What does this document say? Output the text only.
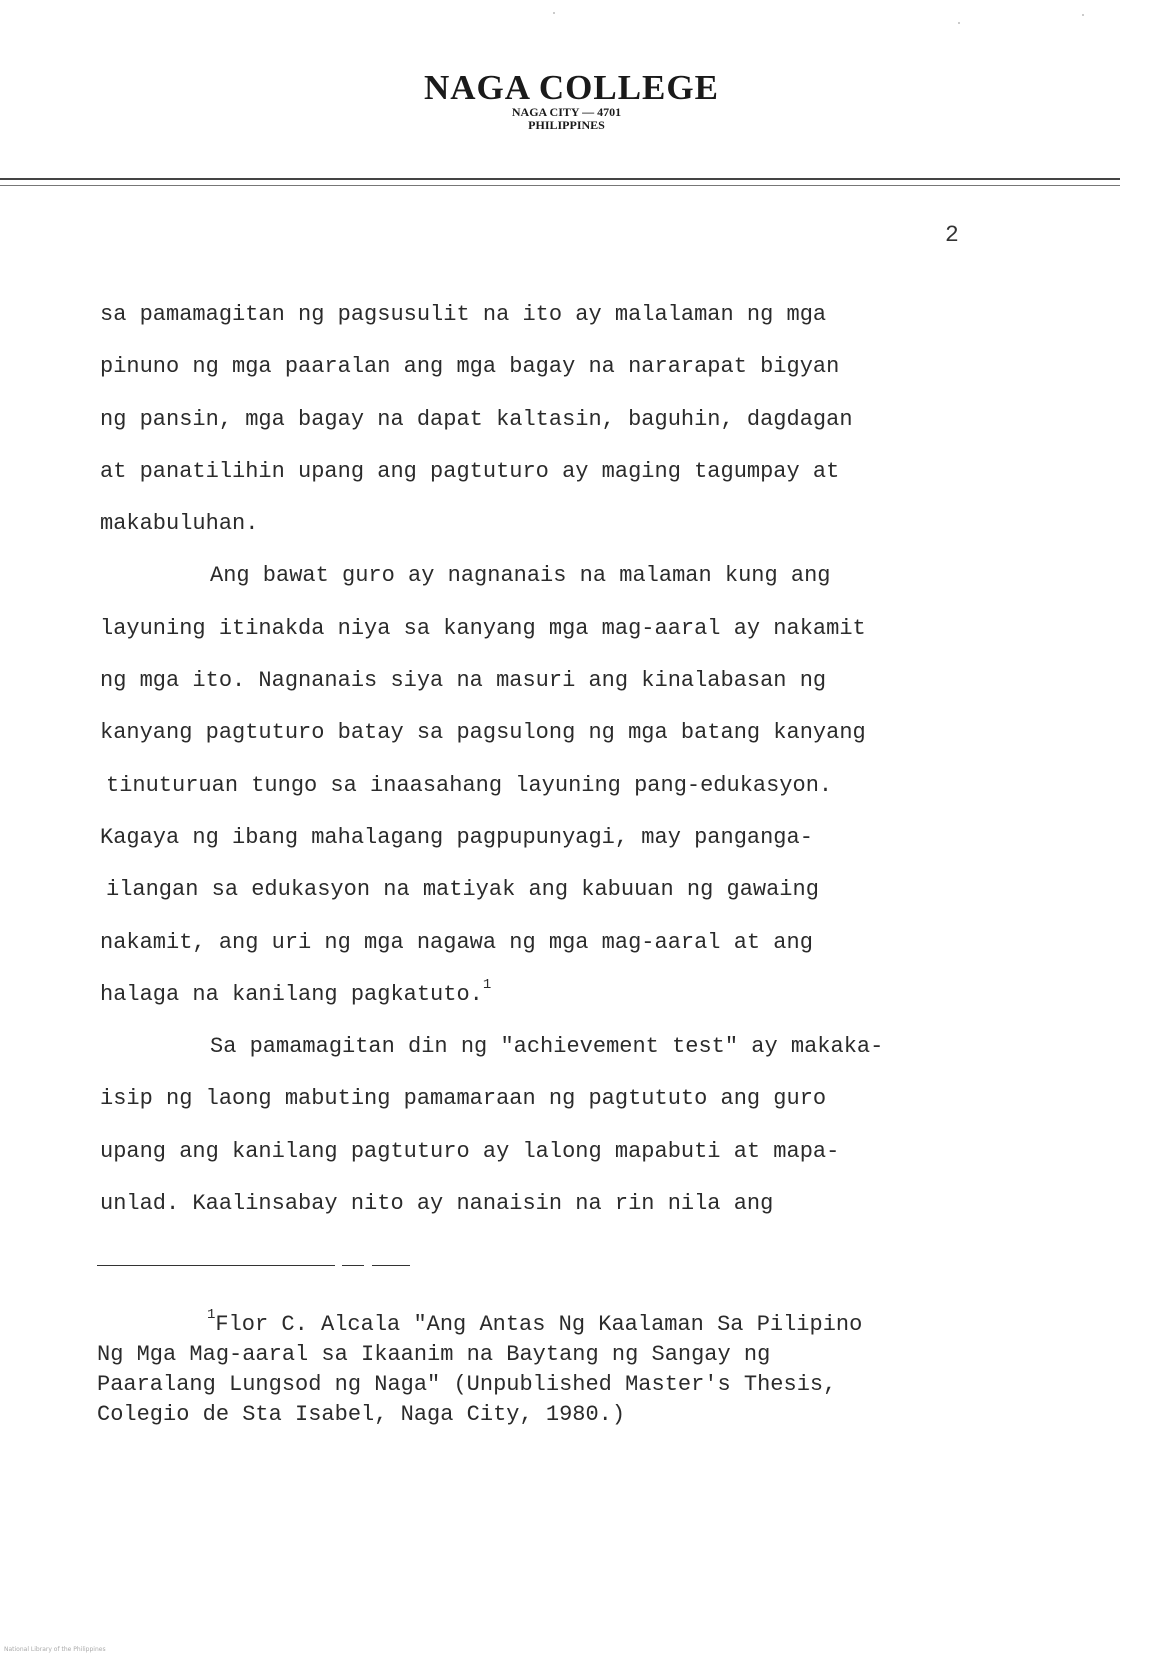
NAGA COLLEGE
NAGA CITY — 4701
PHILIPPINES
2
sa pamamagitan ng pagsusulit na ito ay malalaman ng mga
pinuno ng mga paaralan ang mga bagay na nararapat bigyan
ng pansin, mga bagay na dapat kaltasin, baguhin, dagdagan
at panatilihin upang ang pagtuturo ay maging tagumpay at
makabuluhan.
Ang bawat guro ay nagnanais na malaman kung ang
layuning itinakda niya sa kanyang mga mag-aaral ay nakamit
ng mga ito. Nagnanais siya na masuri ang kinalabasan ng
kanyang pagtuturo batay sa pagsulong ng mga batang kanyang
tinuturuan tungo sa inaasahang layuning pang-edukasyon.
Kagaya ng ibang mahalagang pagpupunyagi, may panganga-
ilangan sa edukasyon na matiyak ang kabuuan ng gawaing
nakamit, ang uri ng mga nagawa ng mga mag-aaral at ang
halaga na kanilang pagkatuto.$^1$
Sa pamamagitan din ng "achievement test" ay makaka-
isip ng laong mabuting pamamaraan ng pagtututo ang guro
upang ang kanilang pagtuturo ay lalong mapabuti at mapa-
unlad. Kaalinsabay nito ay nanaisin na rin nila ang
$^1$Flor C. Alcala "Ang Antas Ng Kaalaman Sa Pilipino
Ng Mga Mag-aaral sa Ikaanim na Baytang ng Sangay ng
Paaralang Lungsod ng Naga" (Unpublished Master's Thesis,
Colegio de Sta Isabel, Naga City, 1980.)
National Library of the Philippines
